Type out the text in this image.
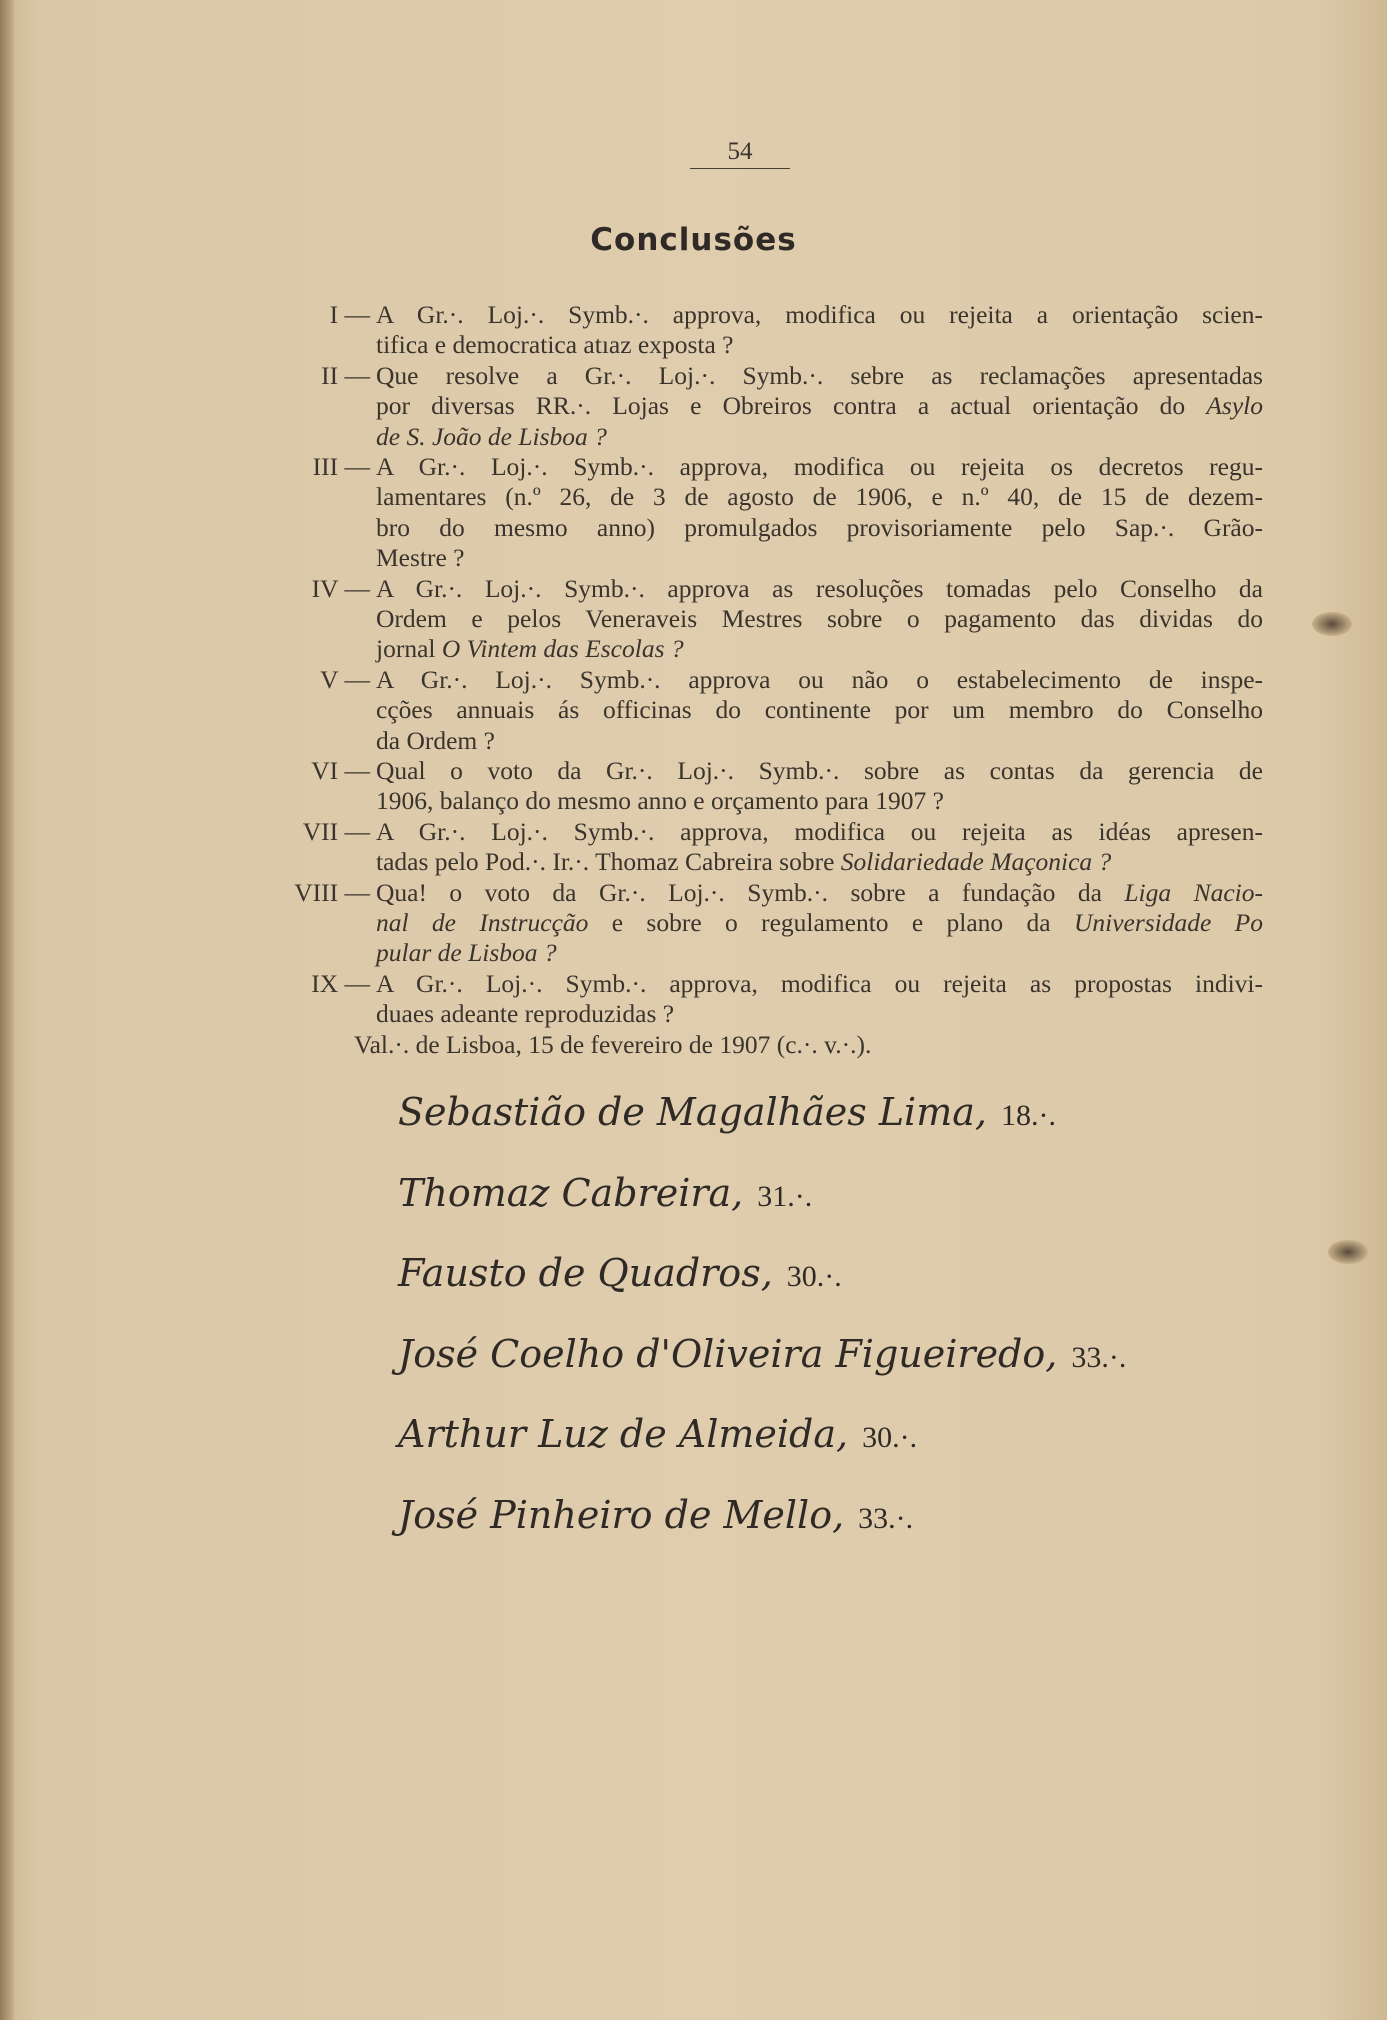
54
Conclusões
I — A Gr.·. Loj.·. Symb.·. approva, modifica ou rejeita a orientação scien-
tifica e democratica atıaz exposta ?
II — Que resolve a Gr.·. Loj.·. Symb.·. sebre as reclamações apresentadas
por diversas RR.·. Lojas e Obreiros contra a actual orientação do Asylo
de S. João de Lisboa ?
III — A Gr.·. Loj.·. Symb.·. approva, modifica ou rejeita os decretos regu-
lamentares (n.º 26, de 3 de agosto de 1906, e n.º 40, de 15 de dezem-
bro do mesmo anno) promulgados provisoriamente pelo Sap.·. Grão-
Mestre ?
IV — A Gr.·. Loj.·. Symb.·. approva as resoluções tomadas pelo Conselho da
Ordem e pelos Veneraveis Mestres sobre o pagamento das dividas do
jornal O Vintem das Escolas ?
V — A Gr.·. Loj.·. Symb.·. approva ou não o estabelecimento de inspe-
cções annuais ás officinas do continente por um membro do Conselho
da Ordem ?
VI — Qual o voto da Gr.·. Loj.·. Symb.·. sobre as contas da gerencia de
1906, balanço do mesmo anno e orçamento para 1907 ?
VII — A Gr.·. Loj.·. Symb.·. approva, modifica ou rejeita as idéas apresen-
tadas pelo Pod.·. Ir.·. Thomaz Cabreira sobre Solidariedade Maçonica ?
VIII — Qua! o voto da Gr.·. Loj.·. Symb.·. sobre a fundação da Liga Nacio-
nal de Instrucção e sobre o regulamento e plano da Universidade Po
pular de Lisboa ?
IX — A Gr.·. Loj.·. Symb.·. approva, modifica ou rejeita as propostas indivi-
duaes adeante reproduzidas ?
Val.·. de Lisboa, 15 de fevereiro de 1907 (c.·. v.·.).
Sebastião de Magalhães Lima, 18.·.
Thomaz Cabreira, 31.·.
Fausto de Quadros, 30.·.
José Coelho d'Oliveira Figueiredo, 33.·.
Arthur Luz de Almeida, 30.·.
José Pinheiro de Mello, 33.·.
